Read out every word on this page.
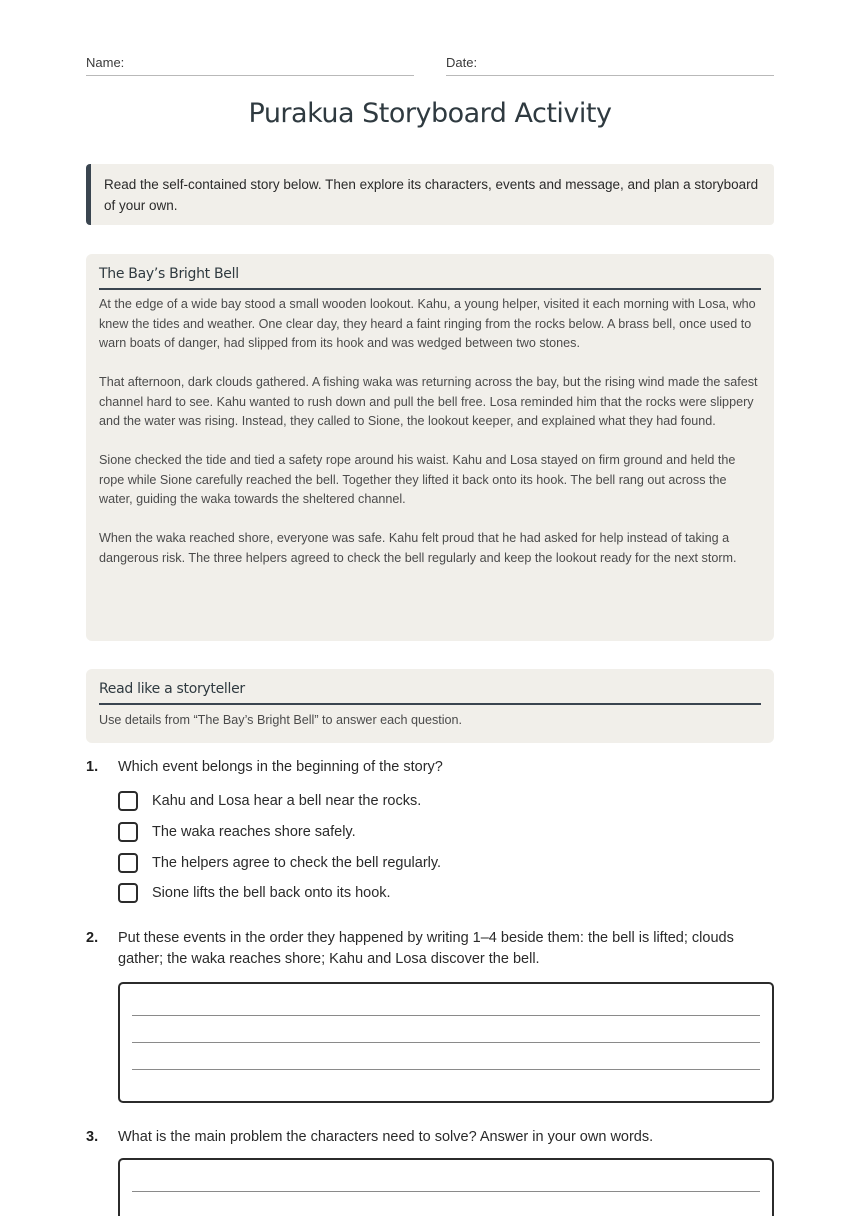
Name:	Date:
Purakua Storyboard Activity
Read the self-contained story below. Then explore its characters, events and message, and plan a storyboard of your own.
The Bay’s Bright Bell

At the edge of a wide bay stood a small wooden lookout. Kahu, a young helper, visited it each morning with Losa, who knew the tides and weather. One clear day, they heard a faint ringing from the rocks below. A brass bell, once used to warn boats of danger, had slipped from its hook and was wedged between two stones.

That afternoon, dark clouds gathered. A fishing waka was returning across the bay, but the rising wind made the safest channel hard to see. Kahu wanted to rush down and pull the bell free. Losa reminded him that the rocks were slippery and the water was rising. Instead, they called to Sione, the lookout keeper, and explained what they had found.

Sione checked the tide and tied a safety rope around his waist. Kahu and Losa stayed on firm ground and held the rope while Sione carefully reached the bell. Together they lifted it back onto its hook. The bell rang out across the water, guiding the waka towards the sheltered channel.

When the waka reached shore, everyone was safe. Kahu felt proud that he had asked for help instead of taking a dangerous risk. The three helpers agreed to check the bell regularly and keep the lookout ready for the next storm.

Read like a storyteller
Use details from “The Bay’s Bright Bell” to answer each question.
1. Which event belongs in the beginning of the story?
Kahu and Losa hear a bell near the rocks.
The waka reaches shore safely.
The helpers agree to check the bell regularly.
Sione lifts the bell back onto its hook.
2. Put these events in the order they happened by writing 1–4 beside them: the bell is lifted; clouds gather; the waka reaches shore; Kahu and Losa discover the bell.
3. What is the main problem the characters need to solve? Answer in your own words.
